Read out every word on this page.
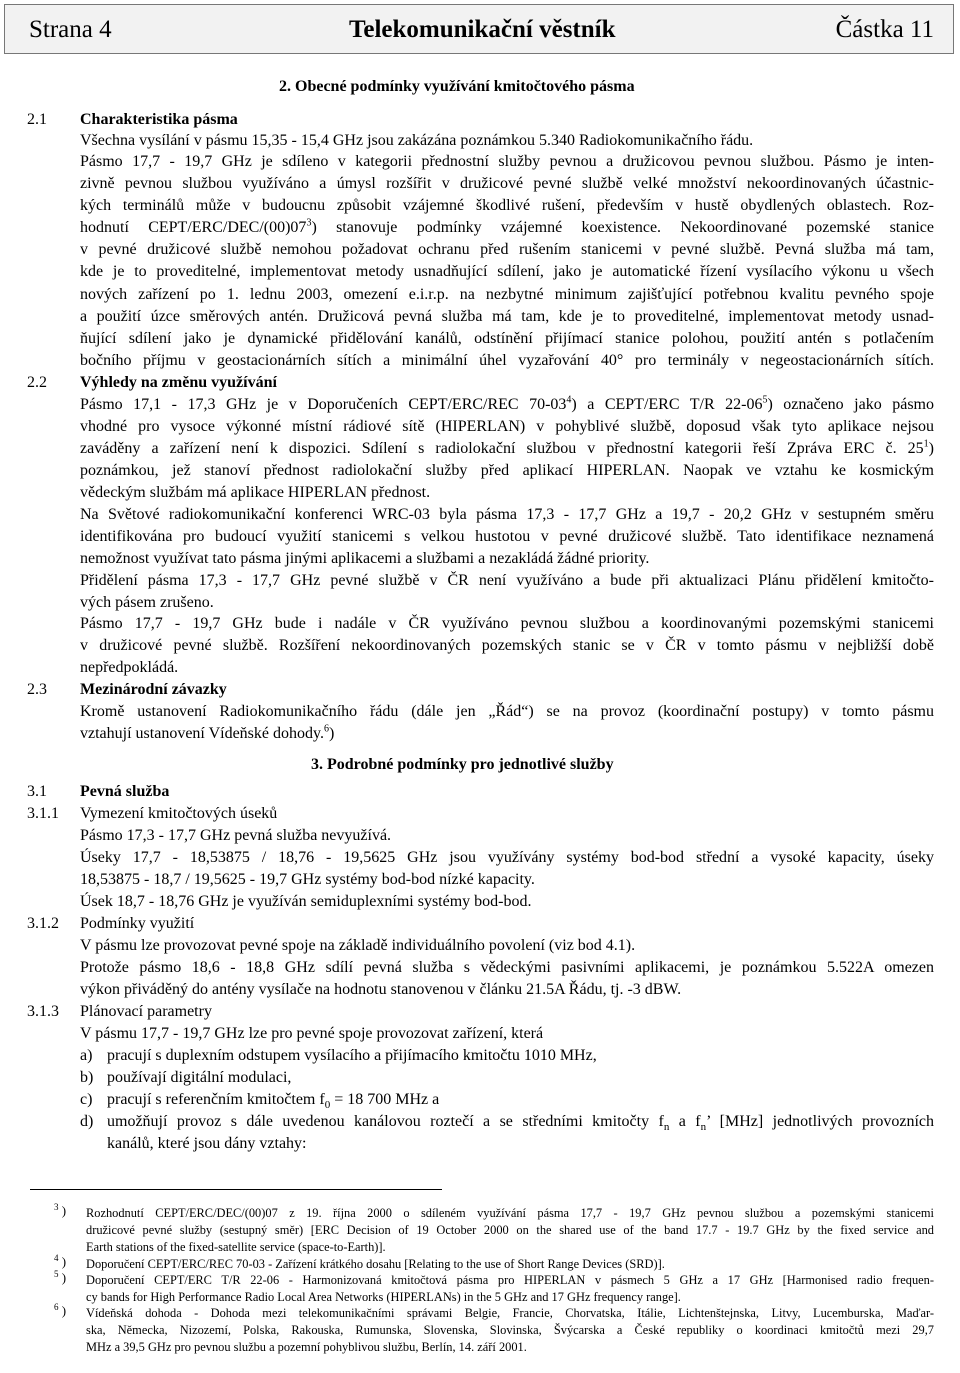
Strana 4	Telekomunikační věstník	Částka 11
2. Obecné podmínky využívání kmitočtového pásma
2.1 Charakteristika pásma
Všechna vysílání v pásmu 15,35 - 15,4 GHz jsou zakázána poznámkou 5.340 Radiokomunikačního řádu.
Pásmo 17,7 - 19,7 GHz je sdíleno v kategorii přednostní služby pevnou a družicovou pevnou službou. Pásmo je inten-
zivně pevnou službou využíváno a úmysl rozšířit v družicové pevné službě velké množství nekoordinovaných účastnic-
kých terminálů může v budoucnu způsobit vzájemné škodlivé rušení, především v hustě obydlených oblastech. Roz-
hodnutí CEPT/$ERC/DEC/(00)07^3$) stanovuje podmínky vzájemné koexistence. Nekoordinované pozemské stanice
v pevné družicové službě nemohou požadovat ochranu před rušením stanicemi v pevné službě. Pevná služba má tam,
kde je to proveditelné, implementovat metody usnadňující sdílení, jako je automatické řízení vysílacího výkonu u všech
nových zařízení po 1. lednu 2003, omezení e.i.r.p. na nezbytné minimum zajišťující potřebnou kvalitu pevného spoje
a použití úzce směrových antén. Družicová pevná služba má tam, kde je to proveditelné, implementovat metody usnad-
ňující sdílení jako je dynamické přidělování kanálů, odstínění přijímací stanice polohou, použití antén s potlačením
bočního příjmu v geostacionárních sítích a minimální úhel vyzařování 40° pro terminály v negeostacionárních sítích.
2.2 Výhledy na změnu využívání
Pásmo 17,1 - 17,3 GHz je v Doporučeních CEPT/ERC/REC $70-03^4$) a CEPT/ERC T/R $22-06^5$) označeno jako pásmo
vhodné pro vysoce výkonné místní rádiové sítě (HIPERLAN) v pohyblivé službě, doposud však tyto aplikace nejsou
zaváděny a zařízení není k dispozici. Sdílení s radiolokační službou v přednostní kategorii řeší Zpráva ERC č. $25^1$)
poznámkou, jež stanoví přednost radiolokační služby před aplikací HIPERLAN. Naopak ve vztahu ke kosmickým
vědeckým službám má aplikace HIPERLAN přednost.
Na Světové radiokomunikační konferenci WRC-03 byla pásma 17,3 - 17,7 GHz a 19,7 - 20,2 GHz v sestupném směru
identifikována pro budoucí využití stanicemi s velkou hustotou v pevné družicové službě. Tato identifikace neznamená
nemožnost využívat tato pásma jinými aplikacemi a službami a nezakládá žádné priority.
Přidělení pásma 17,3 - 17,7 GHz pevné službě v ČR není využíváno a bude při aktualizaci Plánu přidělení kmitočto-
vých pásem zrušeno.
Pásmo 17,7 - 19,7 GHz bude i nadále v ČR využíváno pevnou službou a koordinovanými pozemskými stanicemi
v družicové pevné službě. Rozšíření nekoordinovaných pozemských stanic se v ČR v tomto pásmu v nejbližší době
nepředpokládá.
2.3 Mezinárodní závazky
Kromě ustanovení Radiokomunikačního řádu (dále jen „Řád“) se na provoz (koordinační postupy) v tomto pásmu
vztahují ustanovení Vídeňské dohody.$^6$)
3. Podrobné podmínky pro jednotlivé služby
3.1 Pevná služba
3.1.1 Vymezení kmitočtových úseků
Pásmo 17,3 - 17,7 GHz pevná služba nevyužívá.
Úseky 17,7 - 18,53875 / 18,76 - 19,5625 GHz jsou využívány systémy bod-bod střední a vysoké kapacity, úseky
18,53875 - 18,7 / 19,5625 - 19,7 GHz systémy bod-bod nízké kapacity.
Úsek 18,7 - 18,76 GHz je využíván semiduplexními systémy bod-bod.
3.1.2 Podmínky využití
V pásmu lze provozovat pevné spoje na základě individuálního povolení (viz bod 4.1).
Protože pásmo 18,6 - 18,8 GHz sdílí pevná služba s vědeckými pasivními aplikacemi, je poznámkou 5.522A omezen
výkon přiváděný do antény vysílače na hodnotu stanovenou v článku 21.5A Řádu, tj. -3 dBW.
3.1.3 Plánovací parametry
V pásmu 17,7 - 19,7 GHz lze pro pevné spoje provozovat zařízení, která
a) pracují s duplexním odstupem vysílacího a přijímacího kmitočtu 1010 MHz,
b) používají digitální modulaci,
c) pracují s referenčním kmitočtem $f_0 = 18$ 700 MHz a
d) umožňují provoz s dále uvedenou kanálovou roztečí a se středními kmitočty $f_n$ a $f_n$’ [MHz] jednotlivých provozních
kanálů, které jsou dány vztahy:
$^3$ ) Rozhodnutí CEPT/ERC/DEC/(00)07 z 19. října 2000 o sdíleném využívání pásma 17,7 - 19,7 GHz pevnou službou a pozemskými stanicemi
družicové pevné služby (sestupný směr) [ERC Decision of 19 October 2000 on the shared use of the band 17.7 - 19.7 GHz by the fixed service and
Earth stations of the fixed-satellite service (space-to-Earth)].
$^4$ ) Doporučení CEPT/ERC/REC 70-03 - Zařízení krátkého dosahu [Relating to the use of Short Range Devices (SRD)].
$^5$ ) Doporučení CEPT/ERC T/R 22-06 - Harmonizovaná kmitočtová pásma pro HIPERLAN v pásmech 5 GHz a 17 GHz [Harmonised radio frequen-
cy bands for High Performance Radio Local Area Networks (HIPERLANs) in the 5 GHz and 17 GHz frequency range].
$^6$ ) Vídeňská dohoda - Dohoda mezi telekomunikačními správami Belgie, Francie, Chorvatska, Itálie, Lichtenštejnska, Litvy, Lucemburska, Maďar-
ska, Německa, Nizozemí, Polska, Rakouska, Rumunska, Slovenska, Slovinska, Švýcarska a České republiky o koordinaci kmitočtů mezi 29,7
MHz a 39,5 GHz pro pevnou službu a pozemní pohyblivou službu, Berlín, 14. září 2001.
